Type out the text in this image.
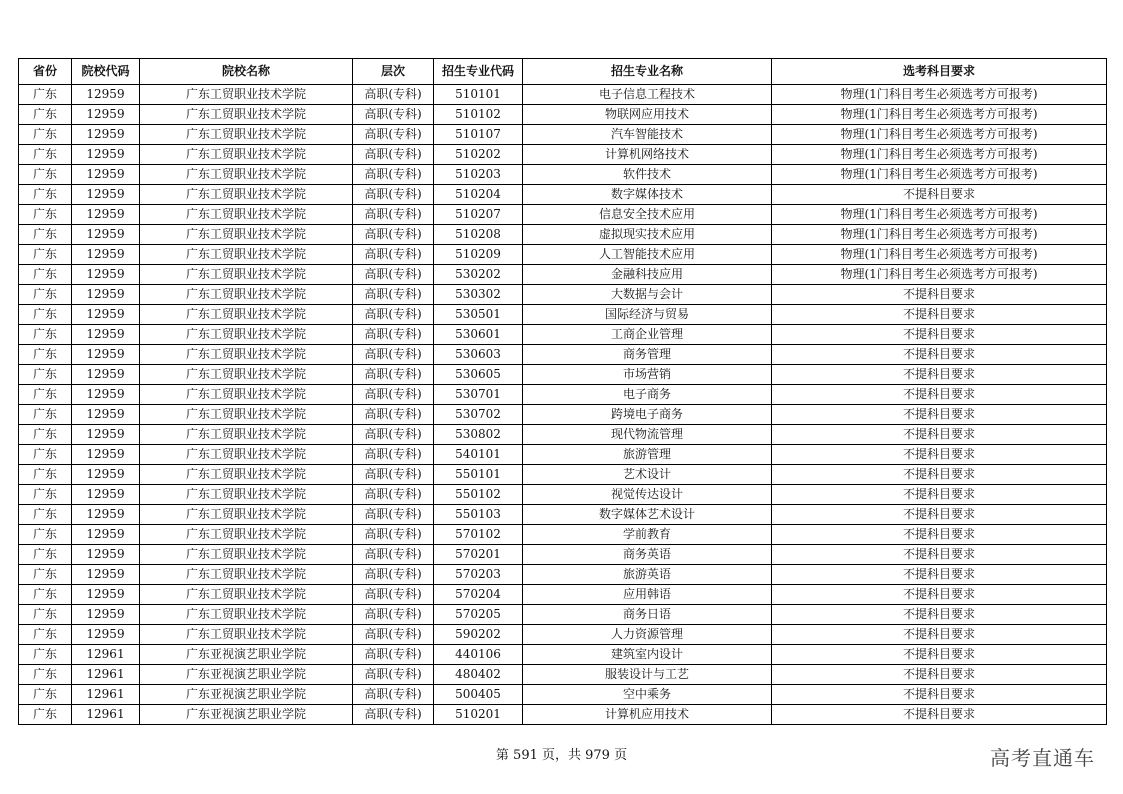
省份	院校代码	院校名称	层次	招生专业代码	招生专业名称	选考科目要求
广东	12959	广东工贸职业技术学院	高职(专科)	510101	电子信息工程技术	物理(1门科目考生必须选考方可报考)
广东	12959	广东工贸职业技术学院	高职(专科)	510102	物联网应用技术	物理(1门科目考生必须选考方可报考)
广东	12959	广东工贸职业技术学院	高职(专科)	510107	汽车智能技术	物理(1门科目考生必须选考方可报考)
广东	12959	广东工贸职业技术学院	高职(专科)	510202	计算机网络技术	物理(1门科目考生必须选考方可报考)
广东	12959	广东工贸职业技术学院	高职(专科)	510203	软件技术	物理(1门科目考生必须选考方可报考)
广东	12959	广东工贸职业技术学院	高职(专科)	510204	数字媒体技术	不提科目要求
广东	12959	广东工贸职业技术学院	高职(专科)	510207	信息安全技术应用	物理(1门科目考生必须选考方可报考)
广东	12959	广东工贸职业技术学院	高职(专科)	510208	虚拟现实技术应用	物理(1门科目考生必须选考方可报考)
广东	12959	广东工贸职业技术学院	高职(专科)	510209	人工智能技术应用	物理(1门科目考生必须选考方可报考)
广东	12959	广东工贸职业技术学院	高职(专科)	530202	金融科技应用	物理(1门科目考生必须选考方可报考)
广东	12959	广东工贸职业技术学院	高职(专科)	530302	大数据与会计	不提科目要求
广东	12959	广东工贸职业技术学院	高职(专科)	530501	国际经济与贸易	不提科目要求
广东	12959	广东工贸职业技术学院	高职(专科)	530601	工商企业管理	不提科目要求
广东	12959	广东工贸职业技术学院	高职(专科)	530603	商务管理	不提科目要求
广东	12959	广东工贸职业技术学院	高职(专科)	530605	市场营销	不提科目要求
广东	12959	广东工贸职业技术学院	高职(专科)	530701	电子商务	不提科目要求
广东	12959	广东工贸职业技术学院	高职(专科)	530702	跨境电子商务	不提科目要求
广东	12959	广东工贸职业技术学院	高职(专科)	530802	现代物流管理	不提科目要求
广东	12959	广东工贸职业技术学院	高职(专科)	540101	旅游管理	不提科目要求
广东	12959	广东工贸职业技术学院	高职(专科)	550101	艺术设计	不提科目要求
广东	12959	广东工贸职业技术学院	高职(专科)	550102	视觉传达设计	不提科目要求
广东	12959	广东工贸职业技术学院	高职(专科)	550103	数字媒体艺术设计	不提科目要求
广东	12959	广东工贸职业技术学院	高职(专科)	570102	学前教育	不提科目要求
广东	12959	广东工贸职业技术学院	高职(专科)	570201	商务英语	不提科目要求
广东	12959	广东工贸职业技术学院	高职(专科)	570203	旅游英语	不提科目要求
广东	12959	广东工贸职业技术学院	高职(专科)	570204	应用韩语	不提科目要求
广东	12959	广东工贸职业技术学院	高职(专科)	570205	商务日语	不提科目要求
广东	12959	广东工贸职业技术学院	高职(专科)	590202	人力资源管理	不提科目要求
广东	12961	广东亚视演艺职业学院	高职(专科)	440106	建筑室内设计	不提科目要求
广东	12961	广东亚视演艺职业学院	高职(专科)	480402	服装设计与工艺	不提科目要求
广东	12961	广东亚视演艺职业学院	高职(专科)	500405	空中乘务	不提科目要求
广东	12961	广东亚视演艺职业学院	高职(专科)	510201	计算机应用技术	不提科目要求
第 591 页，共 979 页	高考直通车
